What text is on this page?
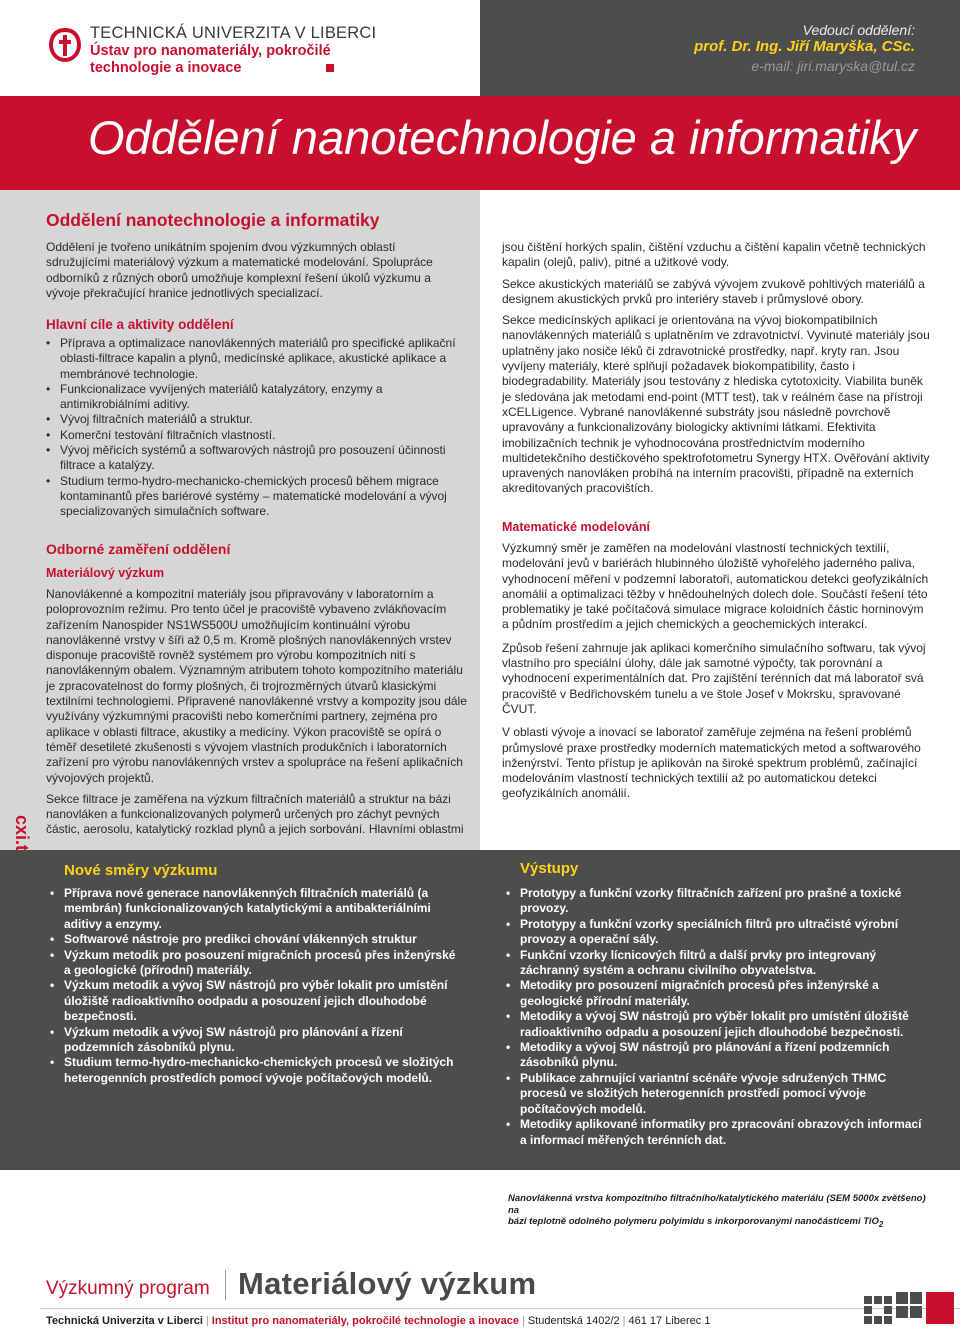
TECHNICKÁ UNIVERZITA V LIBERCI
Ústav pro nanomateriály, pokročilé
technologie a inovace
Vedoucí oddělení:
prof. Dr. Ing. Jiří Maryška, CSc.
e-mail: jiri.maryska@tul.cz
Oddělení nanotechnologie a informatiky
Oddělení nanotechnologie a informatiky
Oddělení je tvořeno unikátním spojením dvou výzkumných oblastí sdružujícími materiálový výzkum a matematické modelování. Spolupráce odborníků z různých oborů umožňuje komplexní řešení úkolů výzkumu a vývoje překračující hranice jednotlivých specializací.
Hlavní cíle a aktivity oddělení
• Příprava a optimalizace nanovlákenných materiálů pro specifické aplikační oblasti-filtrace kapalin a plynů, medicínské aplikace, akustické aplikace a membránové technologie.
• Funkcionalizace vyvíjených materiálů katalyzátory, enzymy a antimikrobiálními aditivy.
• Vývoj filtračních materiálů a struktur.
• Komerční testování filtračních vlastností.
• Vývoj měřicích systémů a softwarových nástrojů pro posouzení účinnosti filtrace a katalýzy.
• Studium termo-hydro-mechanicko-chemických procesů během migrace kontaminantů přes bariérové systémy – matematické modelování a vývoj specializovaných simulačních software.
Odborné zaměření oddělení
Materiálový výzkum
Nanovlákenné a kompozitní materiály jsou připravovány v laboratorním a poloprovozním režimu. Pro tento účel je pracoviště vybaveno zvlákňovacím zařízením Nanospider NS1WS500U umožňujícím kontinuální výrobu nanovlákenné vrstvy v šíři až 0,5 m. Kromě plošných nanovlákenných vrstev disponuje pracoviště rovněž systémem pro výrobu kompozitních nití s nanovlákenným obalem. Významným atributem tohoto kompozitního materiálu je zpracovatelnost do formy plošných, či trojrozměrných útvarů klasickými textilními technologiemi. Připravené nanovlákenné vrstvy a kompozity jsou dále využívány výzkumnými pracovišti nebo komerčními partnery, zejména pro aplikace v oblasti filtrace, akustiky a medicíny. Výkon pracoviště se opírá o téměř desetileté zkušenosti s vývojem vlastních produkčních i laboratorních zařízení pro výrobu nanovlákenných vrstev a spolupráce na řešení aplikačních vývojových projektů.
Sekce filtrace je zaměřena na výzkum filtračních materiálů a struktur na bázi nanovláken a funkcionalizovaných polymerů určených pro záchyt pevných částic, aerosolu, katalytický rozklad plynů a jejich sorbování. Hlavními oblastmi
jsou čištění horkých spalin, čištění vzduchu a čištění kapalin včetně technických kapalin (olejů, paliv), pitné a užitkové vody.
Sekce akustických materiálů se zabývá vývojem zvukově pohltivých materiálů a designem akustických prvků pro interiéry staveb i průmyslové obory.
Sekce medicínských aplikací je orientována na vývoj biokompatibilních nanovlákenných materiálů s uplatněním ve zdravotnictví. Vyvinuté materiály jsou uplatněny jako nosiče léků či zdravotnické prostředky, např. kryty ran. Jsou vyvíjeny materiály, které splňují požadavek biokompatibility, často i biodegradability. Materiály jsou testovány z hlediska cytotoxicity. Viabilita buněk je sledována jak metodami end-point (MTT test), tak v reálném čase na přístroji xCELLigence. Vybrané nanovlákenné substráty jsou následně povrchově upravovány a funkcionalizovány biologicky aktivními látkami. Efektivita imobilizačních technik je vyhodnocována prostřednictvím moderního multidetekčního destičkového spektrofotometru Synergy HTX. Ověřování aktivity upravených nanovláken probíhá na interním pracovišti, případně na externích akreditovaných pracovištích.
Matematické modelování
Výzkumný směr je zaměřen na modelování vlastností technických textilií, modelování jevů v bariérách hlubinného úložiště vyhořelého jaderného paliva, vyhodnocení měření v podzemní laboratoři, automatickou detekci geofyzikálních anomálií a optimalizaci těžby v hnědouhelných dolech dole. Součástí řešení této problematiky je také počítačová simulace migrace koloidních částic horninovým a půdním prostředím a jejich chemických a geochemických interakcí.
Způsob řešení zahrnuje jak aplikaci komerčního simulačního softwaru, tak vývoj vlastního pro speciální úlohy, dále jak samotné výpočty, tak porovnání a vyhodnocení experimentálních dat. Pro zajištění terénních dat má laboratoř svá pracoviště v Bedřichovském tunelu a ve štole Josef v Mokrsku, spravované ČVUT.
V oblasti vývoje a inovací se laboratoř zaměřuje zejména na řešení problémů průmyslové praxe prostředky moderních matematických metod a softwarového inženýrství. Tento přístup je aplikován na široké spektrum problémů, začínající modelováním vlastností technických textilií až po automatickou detekci geofyzikálních anomálií.
Nové směry výzkumu
• Příprava nové generace nanovlákenných filtračních materiálů (a membrán) funkcionalizovaných katalytickými a antibakteriálními aditivy a enzymy.
• Softwarové nástroje pro predikci chování vlákenných struktur
• Výzkum metodik pro posouzení migračních procesů přes inženýrské a geologické (přírodní) materiály.
• Výzkum metodik a vývoj SW nástrojů pro výběr lokalit pro umístění úložiště radioaktivního oodpadu a posouzení jejich dlouhodobé bezpečnosti.
• Výzkum metodik a vývoj SW nástrojů pro plánování a řízení podzemních zásobníků plynu.
• Studium termo-hydro-mechanicko-chemických procesů ve složitých heterogenních prostředích pomocí vývoje počítačových modelů.
Výstupy
• Prototypy a funkční vzorky filtračních zařízení pro prašné a toxické provozy.
• Prototypy a funkční vzorky speciálních filtrů pro ultračisté výrobní provozy a operační sály.
• Funkční vzorky lícnicových filtrů a další prvky pro integrovaný záchranný systém a ochranu civilního obyvatelstva.
• Metodiky pro posouzení migračních procesů přes inženýrské a geologické přírodní materiály.
• Metodiky a vývoj SW nástrojů pro výběr lokalit pro umístění úložiště radioaktivního odpadu a posouzení jejich dlouhodobé bezpečnosti.
• Metodiky a vývoj SW nástrojů pro plánování a řízení podzemních zásobníků plynu.
• Publikace zahrnující variantní scénáře vývoje sdružených THMC procesů ve složitých heterogenních prostředí pomocí vývoje počítačových modelů.
• Metodiky aplikované informatiky pro zpracování obrazových informací a informací měřených terénních dat.
Nanovlákenná vrstva kompozitního filtračního/katalytického materiálu (SEM 5000x zvětšeno) na
bázi teplotně odolného polymeru polyimidu s inkorporovanými nanočásticemi TiO$_2$
Výzkumný program Materiálový výzkum
Technická Univerzita v Liberci | Institut pro nanomateriály, pokročilé technologie a inovace | Studentská 1402/2 | 461 17 Liberec 1
